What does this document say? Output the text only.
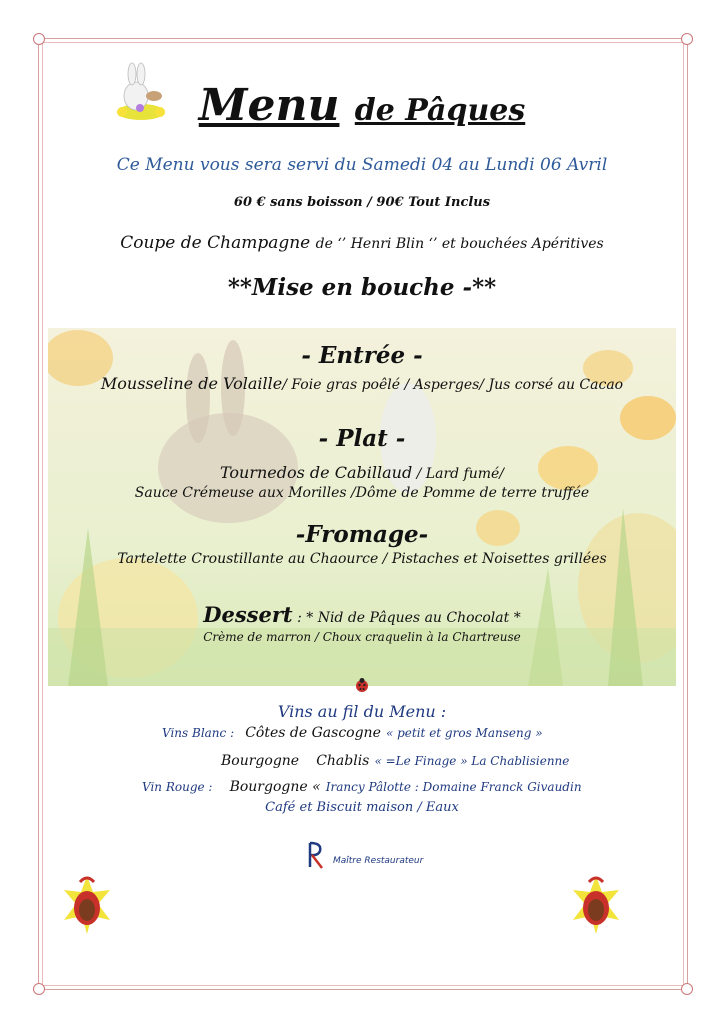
Menu de Pâques
Ce Menu vous sera servi du Samedi 04 au Lundi 06 Avril
60 € sans boisson / 90€ Tout Inclus
Coupe de Champagne de ‘’ Henri Blin ‘’ et bouchées Apéritives
**Mise en bouche -**
- Entrée -
Mousseline de Volaille/ Foie gras poêlé / Asperges/ Jus corsé au Cacao
- Plat -
Tournedos de Cabillaud / Lard fumé/
Sauce Crémeuse aux Morilles /Dôme de Pomme de terre truffée
-Fromage-
Tartelette Croustillante au Chaource / Pistaches et Noisettes grillées
Dessert : * Nid de Pâques au Chocolat *
Crème de marron / Choux craquelin à la Chartreuse
Vins au fil du Menu :
Vins Blanc : Côtes de Gascogne « petit et gros Manseng »
Bourgogne Chablis « =Le Finage » La Chablisienne
Vin Rouge : Bourgogne « Irancy Pâlotte : Domaine Franck Givaudin
Café et Biscuit maison / Eaux
Maître Restaurateur
